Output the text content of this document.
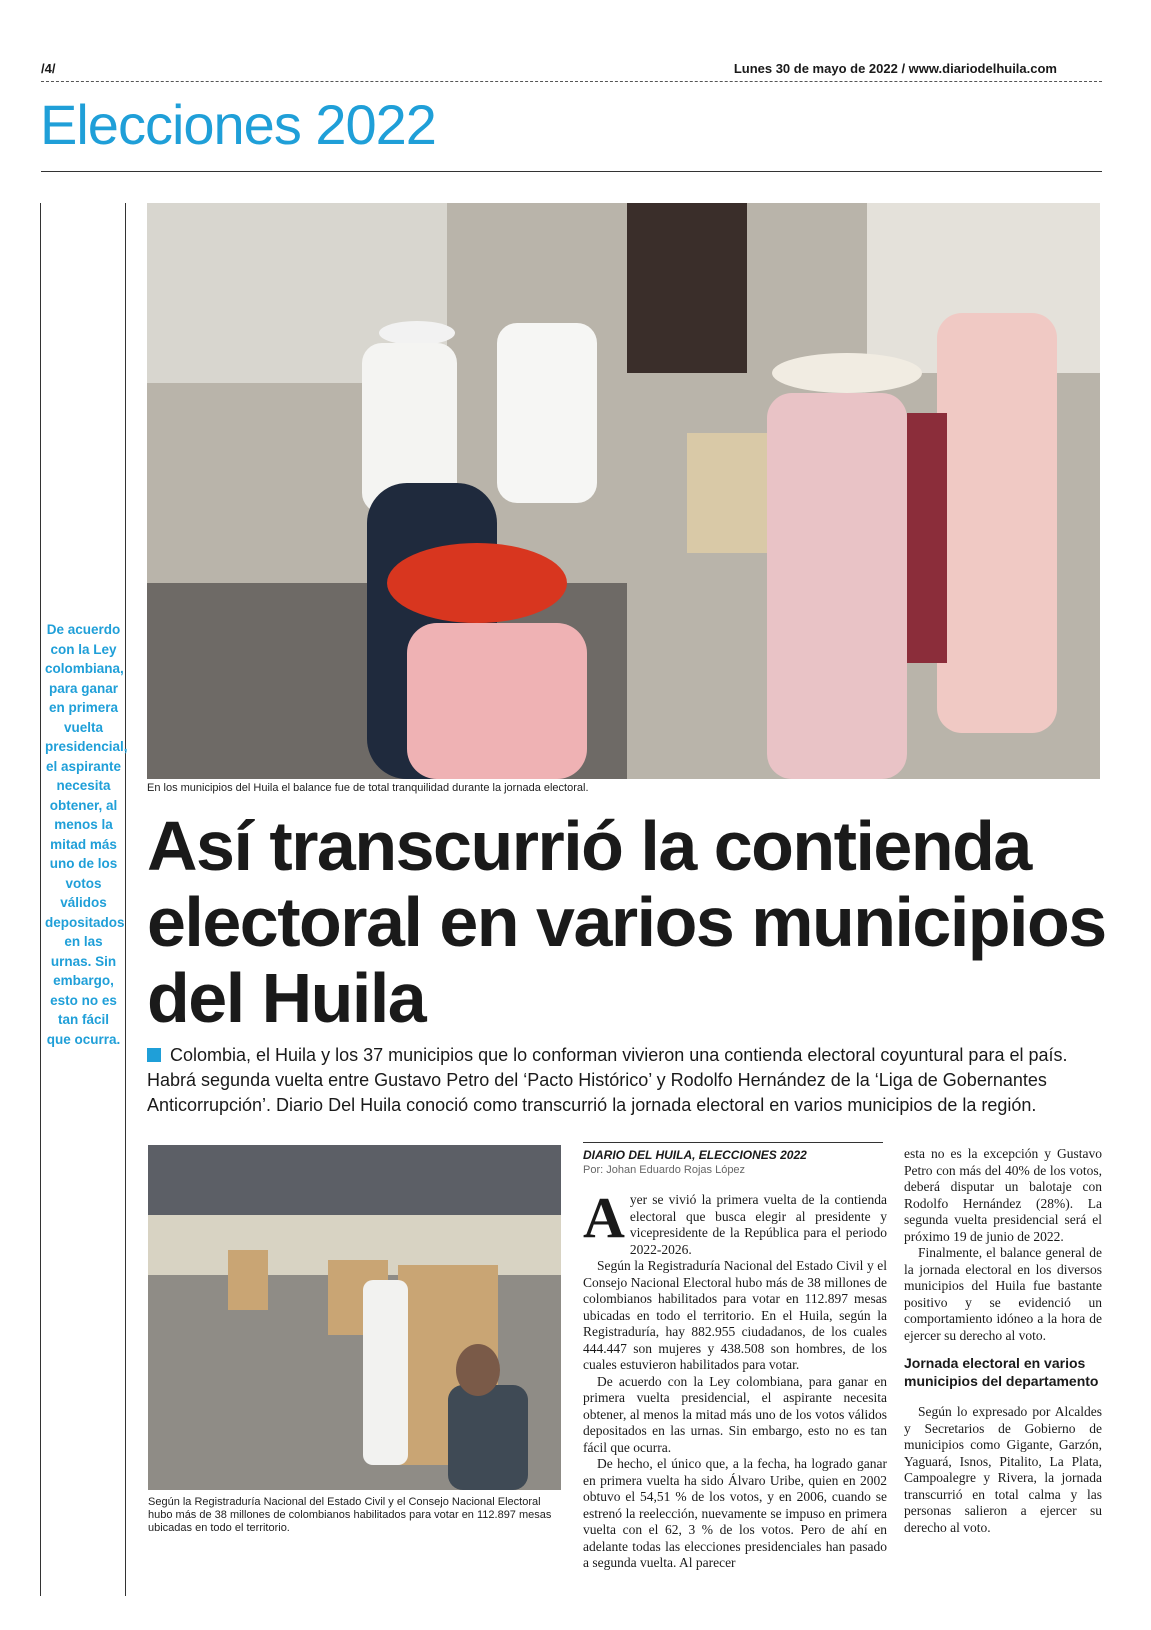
/4/	Lunes 30 de mayo de 2022 / www.diariodelhuila.com
Elecciones 2022
De acuerdo con la Ley colombiana, para ganar en primera vuelta presidencial, el aspirante necesita obtener, al menos la mitad más uno de los votos válidos depositados en las urnas. Sin embargo, esto no es tan fácil que ocurra.
En los municipios del Huila el balance fue de total tranquilidad durante la jornada electoral.
Así transcurrió la contienda electoral en varios municipios del Huila
Colombia, el Huila y los 37 municipios que lo conforman vivieron una contienda electoral coyuntural para el país. Habrá segunda vuelta entre Gustavo Petro del ‘Pacto Histórico’ y Rodolfo Hernández de la ‘Liga de Gobernantes Anticorrupción’. Diario Del Huila conoció como transcurrió la jornada electoral en varios municipios de la región.
Según la Registraduría Nacional del Estado Civil y el Consejo Nacional Electoral hubo más de 38 millones de colombianos habilitados para votar en 112.897 mesas ubicadas en todo el territorio.
DIARIO DEL HUILA, ELECCIONES 2022
Por: Johan Eduardo Rojas López

Ayer se vivió la primera vuelta de la contienda electoral que busca elegir al presidente y vicepresidente de la República para el periodo 2022-2026.

Según la Registraduría Nacional del Estado Civil y el Consejo Nacional Electoral hubo más de 38 millones de colombianos habilitados para votar en 112.897 mesas ubicadas en todo el territorio. En el Huila, según la Registraduría, hay 882.955 ciudadanos, de los cuales 444.447 son mujeres y 438.508 son hombres, de los cuales estuvieron habilitados para votar.

De acuerdo con la Ley colombiana, para ganar en primera vuelta presidencial, el aspirante necesita obtener, al menos la mitad más uno de los votos válidos depositados en las urnas. Sin embargo, esto no es tan fácil que ocurra.

De hecho, el único que, a la fecha, ha logrado ganar en primera vuelta ha sido Álvaro Uribe, quien en 2002 obtuvo el 54,51 % de los votos, y en 2006, cuando se estrenó la reelección, nuevamente se impuso en primera vuelta con el 62, 3 % de los votos. Pero de ahí en adelante todas las elecciones presidenciales han pasado a segunda vuelta. Al parecer

esta no es la excepción y Gustavo Petro con más del 40% de los votos, deberá disputar un balotaje con Rodolfo Hernández (28%). La segunda vuelta presidencial será el próximo 19 de junio de 2022.

Finalmente, el balance general de la jornada electoral en los diversos municipios del Huila fue bastante positivo y se evidenció un comportamiento idóneo a la hora de ejercer su derecho al voto.

Jornada electoral en varios municipios del departamento

Según lo expresado por Alcaldes y Secretarios de Gobierno de municipios como Gigante, Garzón, Yaguará, Isnos, Pitalito, La Plata, Campoalegre y Rivera, la jornada transcurrió en total calma y las personas salieron a ejercer su derecho al voto.
